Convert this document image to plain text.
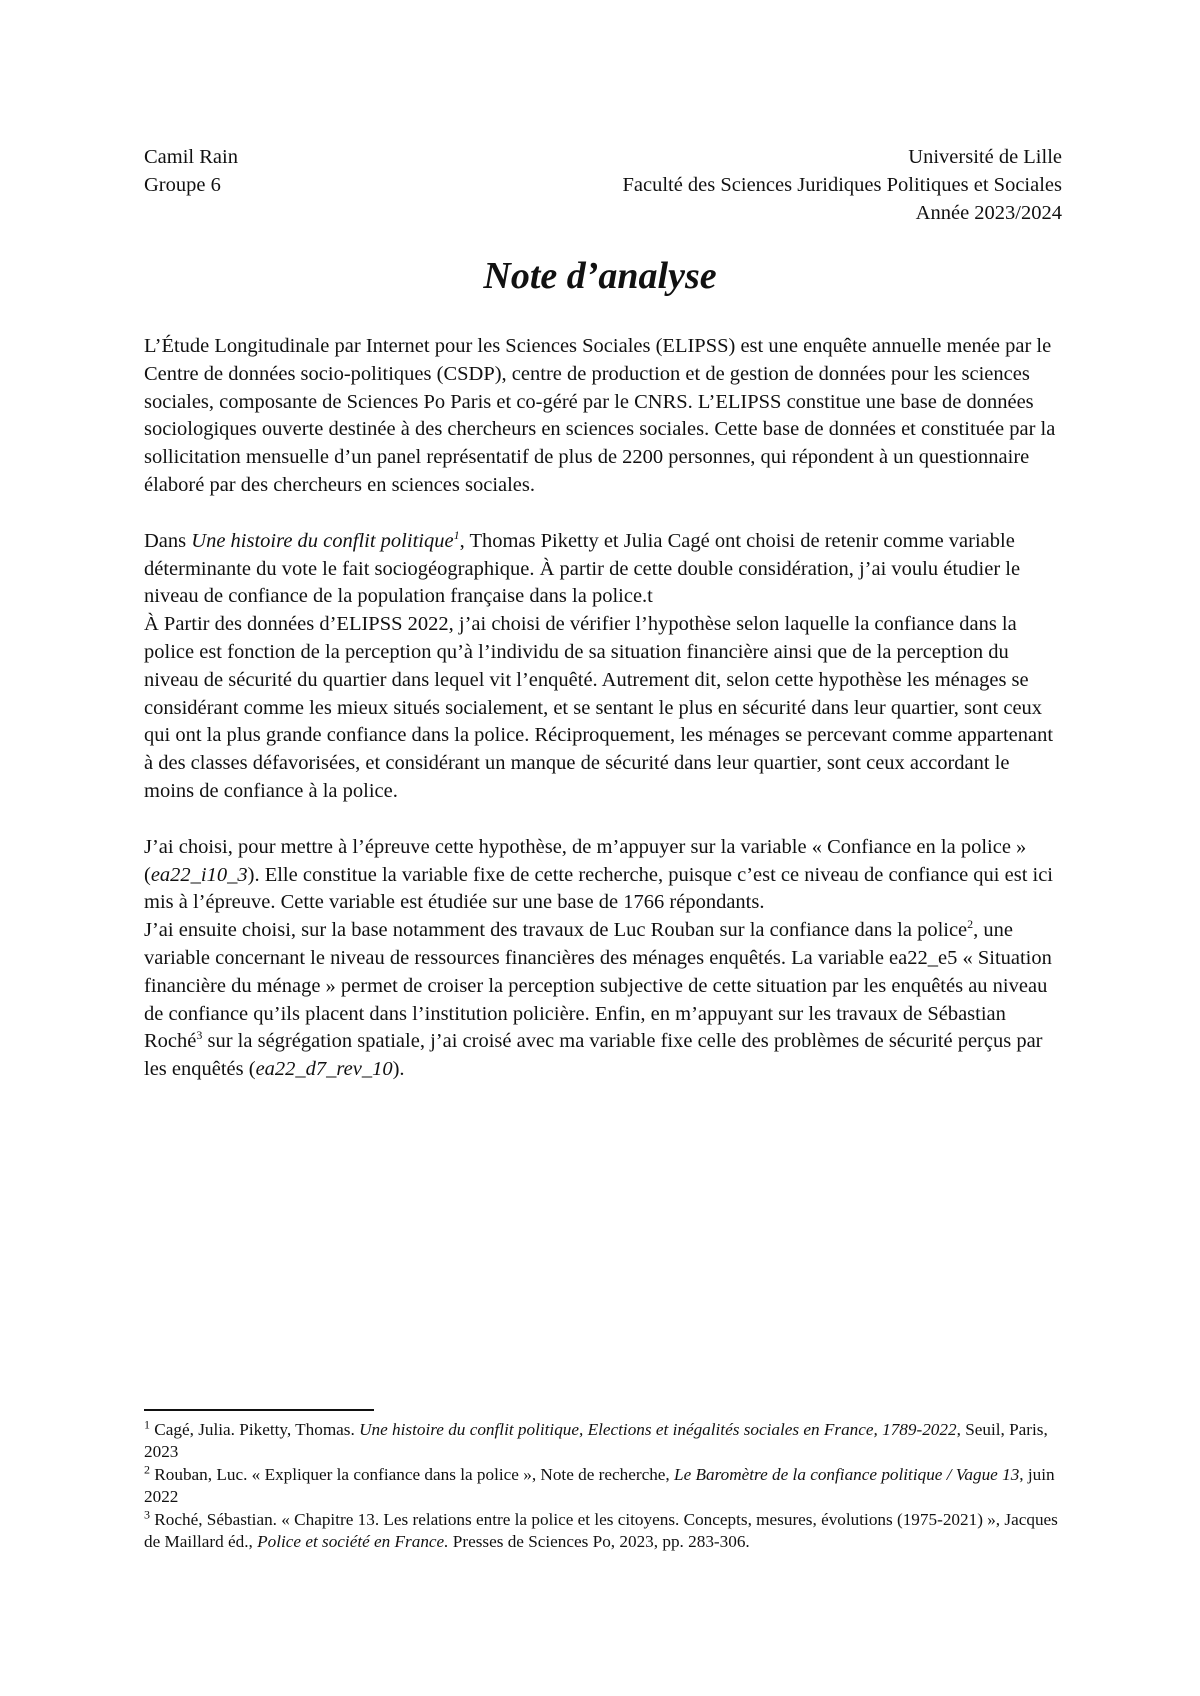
Camil Rain
Groupe 6
Université de Lille
Faculté des Sciences Juridiques Politiques et Sociales
Année 2023/2024
Note d’analyse

L’Étude Longitudinale par Internet pour les Sciences Sociales (ELIPSS) est une enquête annuelle menée par le Centre de données socio-politiques (CSDP), centre de production et de gestion de données pour les sciences sociales, composante de Sciences Po Paris et co-géré par le CNRS. L’ELIPSS constitue une base de données sociologiques ouverte destinée à des chercheurs en sciences sociales. Cette base de données et constituée par la sollicitation mensuelle d’un panel représentatif de plus de 2200 personnes, qui répondent à un questionnaire élaboré par des chercheurs en sciences sociales.

Dans Une histoire du conflit politique$^1$, Thomas Piketty et Julia Cagé ont choisi de retenir comme variable déterminante du vote le fait sociogéographique. À partir de cette double considération, j’ai voulu étudier le niveau de confiance de la population française dans la police.t

À Partir des données d’ELIPSS 2022, j’ai choisi de vérifier l’hypothèse selon laquelle la confiance dans la police est fonction de la perception qu’à l’individu de sa situation financière ainsi que de la perception du niveau de sécurité du quartier dans lequel vit l’enquêté. Autrement dit, selon cette hypothèse les ménages se considérant comme les mieux situés socialement, et se sentant le plus en sécurité dans leur quartier, sont ceux qui ont la plus grande confiance dans la police. Réciproquement, les ménages se percevant comme appartenant à des classes défavorisées, et considérant un manque de sécurité dans leur quartier, sont ceux accordant le moins de confiance à la police.

J’ai choisi, pour mettre à l’épreuve cette hypothèse, de m’appuyer sur la variable « Confiance en la police » (ea22_i10_3). Elle constitue la variable fixe de cette recherche, puisque c’est ce niveau de confiance qui est ici mis à l’épreuve. Cette variable est étudiée sur une base de 1766 répondants.

J’ai ensuite choisi, sur la base notamment des travaux de Luc Rouban sur la confiance dans la police$^2$, une variable concernant le niveau de ressources financières des ménages enquêtés. La variable ea22_e5 « Situation financière du ménage » permet de croiser la perception subjective de cette situation par les enquêtés au niveau de confiance qu’ils placent dans l’institution policière. Enfin, en m’appuyant sur les travaux de Sébastian Roché$^3$ sur la ségrégation spatiale, j’ai croisé avec ma variable fixe celle des problèmes de sécurité perçus par les enquêtés (ea22_d7_rev_10).

$^1$ Cagé, Julia. Piketty, Thomas. Une histoire du conflit politique, Elections et inégalités sociales en France, 1789-2022, Seuil, Paris, 2023

$^2$ Rouban, Luc. « Expliquer la confiance dans la police », Note de recherche, Le Baromètre de la confiance politique / Vague 13, juin 2022

$^3$ Roché, Sébastian. « Chapitre 13. Les relations entre la police et les citoyens. Concepts, mesures, évolutions (1975-2021) », Jacques de Maillard éd., Police et société en France. Presses de Sciences Po, 2023, pp. 283-306.
